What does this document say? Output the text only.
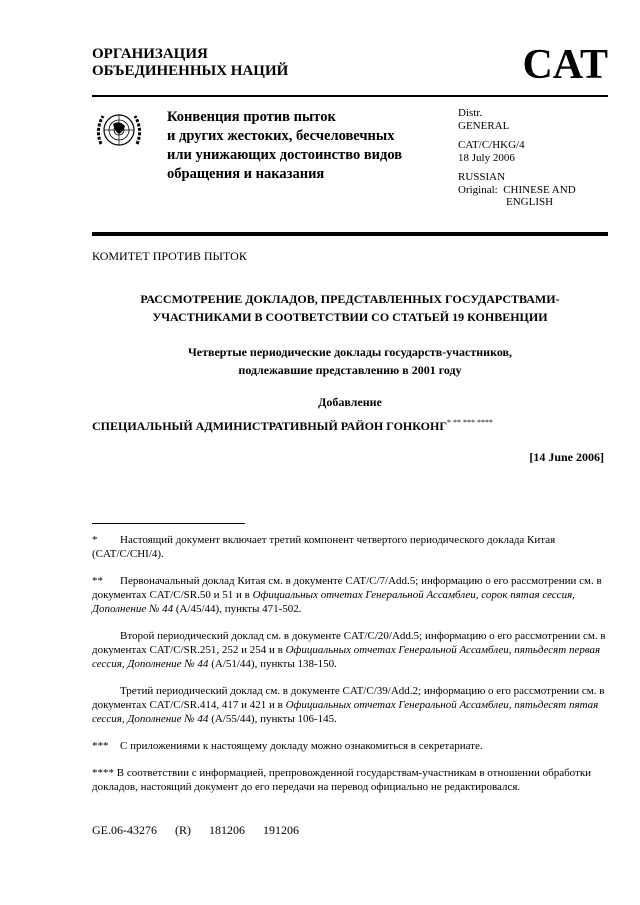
ОРГАНИЗАЦИЯ
ОБЪЕДИНЕННЫХ НАЦИЙ	CAT
Конвенция против пыток
и других жестоких, бесчеловечных
или унижающих достоинство видов
обращения и наказания
Distr.
GENERAL
CAT/C/HKG/4
18 July 2006
RUSSIAN
Original: CHINESE AND
ENGLISH
КОМИТЕТ ПРОТИВ ПЫТОК
РАССМОТРЕНИЕ ДОКЛАДОВ, ПРЕДСТАВЛЕННЫХ ГОСУДАРСТВАМИ-
УЧАСТНИКАМИ В СООТВЕТСТВИИ СО СТАТЬЕЙ 19 КОНВЕНЦИИ
Четвертые периодические доклады государств-участников,
подлежавшие представлению в 2001 году
Добавление
СПЕЦИАЛЬНЫЙ АДМИНИСТРАТИВНЫЙ РАЙОН ГОНКОНГ* ** *** ****
[14 June 2006]

* Настоящий документ включает третий компонент четвертого периодического доклада Китая (CAT/C/CHI/4).

** Первоначальный доклад Китая см. в документе CAT/C/7/Add.5; информацию о его рассмотрении см. в документах CAT/C/SR.50 и 51 и в Официальных отчетах Генеральной Ассамблеи, сорок пятая сессия, Дополнение № 44 (A/45/44), пункты 471-502.

Второй периодический доклад см. в документе CAT/C/20/Add.5; информацию о его рассмотрении см. в документах CAT/C/SR.251, 252 и 254 и в Официальных отчетах Генеральной Ассамблеи, пятьдесят первая сессия, Дополнение № 44 (A/51/44), пункты 138-150.

Третий периодический доклад см. в документе CAT/C/39/Add.2; информацию о его рассмотрении см. в документах CAT/C/SR.414, 417 и 421 и в Официальных отчетах Генеральной Ассамблеи, пятьдесят пятая сессия, Дополнение № 44 (A/55/44), пункты 106-145.

*** С приложениями к настоящему докладу можно ознакомиться в секретариате.

**** В соответствии с информацией, препровожденной государствам-участникам в отношении обработки докладов, настоящий документ до его передачи на перевод официально не редактировался.

GE.06-43276 (R) 181206 191206
